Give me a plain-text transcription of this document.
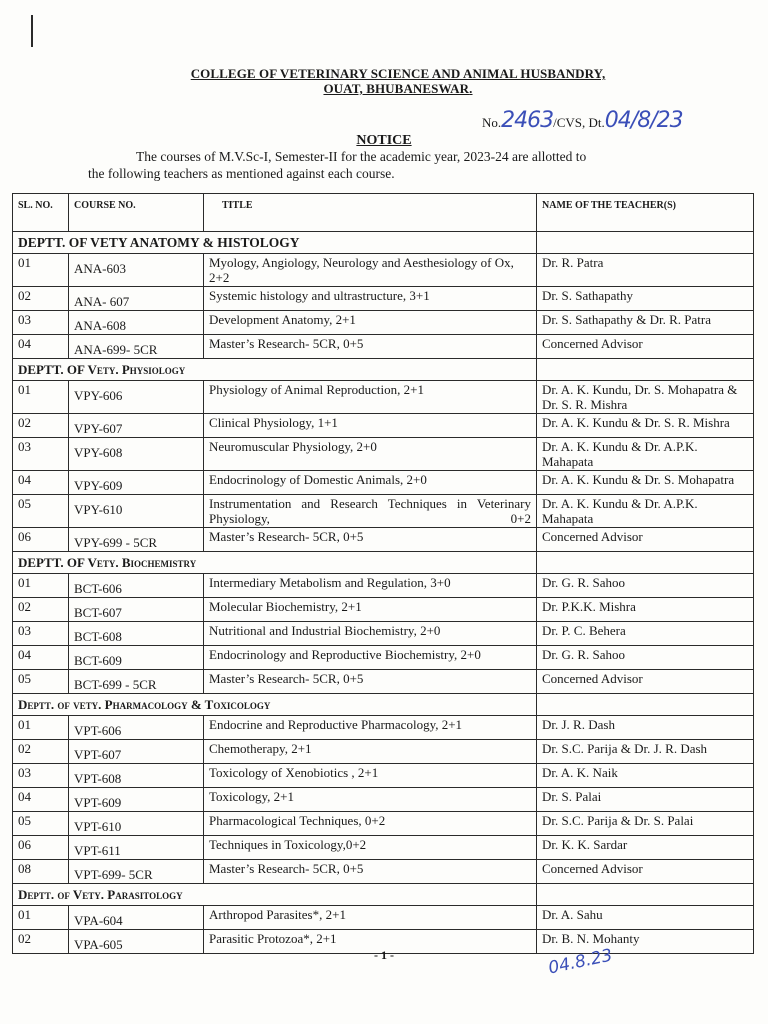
COLLEGE OF VETERINARY SCIENCE AND ANIMAL HUSBANDRY,
OUAT, BHUBANESWAR.
No.2463/CVS, Dt.04/8/23
NOTICE
The courses of M.V.Sc-I, Semester-II for the academic year, 2023-24 are allotted to
the following teachers as mentioned against each course.
SL. NO.	COURSE NO.	TITLE	NAME OF THE TEACHER(S)
DEPTT. OF VETY ANATOMY & HISTOLOGY			
01	ANA-603	Myology, Angiology, Neurology and Aesthesiology of Ox, 2+2	Dr. R. Patra
02	ANA- 607	Systemic histology and ultrastructure, 3+1	Dr. S. Sathapathy
03	ANA-608	Development Anatomy, 2+1	Dr. S. Sathapathy & Dr. R. Patra
04	ANA-699- 5CR	Master’s Research- 5CR, 0+5	Concerned Advisor
DEPTT. OF Vety. Physiology			
01	VPY-606	Physiology of Animal Reproduction, 2+1	Dr. A. K. Kundu, Dr. S. Mohapatra & Dr. S. R. Mishra
02	VPY-607	Clinical Physiology, 1+1	Dr. A. K. Kundu & Dr. S. R. Mishra
03	VPY-608	Neuromuscular Physiology, 2+0	Dr. A. K. Kundu & Dr. A.P.K. Mahapata
04	VPY-609	Endocrinology of Domestic Animals, 2+0	Dr. A. K. Kundu & Dr. S. Mohapatra
05	VPY-610	Instrumentation and Research Techniques in Veterinary Physiology, 0+2	Dr. A. K. Kundu & Dr. A.P.K. Mahapata
06	VPY-699 - 5CR	Master’s Research- 5CR, 0+5	Concerned Advisor
DEPTT. OF Vety. Biochemistry			
01	BCT-606	Intermediary Metabolism and Regulation, 3+0	Dr. G. R. Sahoo
02	BCT-607	Molecular Biochemistry, 2+1	Dr. P.K.K. Mishra
03	BCT-608	Nutritional and Industrial Biochemistry, 2+0	Dr. P. C. Behera
04	BCT-609	Endocrinology and Reproductive Biochemistry, 2+0	Dr. G. R. Sahoo
05	BCT-699 - 5CR	Master’s Research- 5CR, 0+5	Concerned Advisor
Deptt. of vety. Pharmacology & Toxicology			
01	VPT-606	Endocrine and Reproductive Pharmacology, 2+1	Dr. J. R. Dash
02	VPT-607	Chemotherapy, 2+1	Dr. S.C. Parija & Dr. J. R. Dash
03	VPT-608	Toxicology of Xenobiotics , 2+1	Dr. A. K. Naik
04	VPT-609	Toxicology, 2+1	Dr. S. Palai
05	VPT-610	Pharmacological Techniques, 0+2	Dr. S.C. Parija & Dr. S. Palai
06	VPT-611	Techniques in Toxicology,0+2	Dr. K. K. Sardar
08	VPT-699- 5CR	Master’s Research- 5CR, 0+5	Concerned Advisor
Deptt. of Vety. Parasitology			
01	VPA-604	Arthropod Parasites*, 2+1	Dr. A. Sahu
02	VPA-605	Parasitic Protozoa*, 2+1	Dr. B. N. Mohanty
- 1 -	04.8.23
